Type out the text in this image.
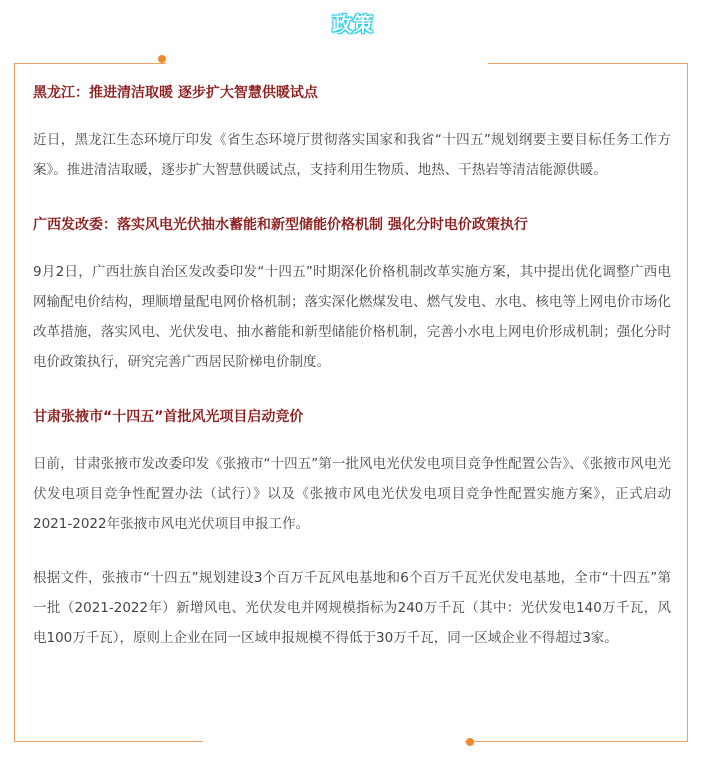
政策

黑龙江：推进清洁取暖 逐步扩大智慧供暖试点

近日，黑龙江生态环境厅印发《省生态环境厅贯彻落实国家和我省“十四五”规划纲要主要目标任务工作方案》。推进清洁取暖，逐步扩大智慧供暖试点，支持利用生物质、地热、干热岩等清洁能源供暖。

广西发改委：落实风电光伏抽水蓄能和新型储能价格机制 强化分时电价政策执行

9月2日，广西壮族自治区发改委印发“十四五”时期深化价格机制改革实施方案，其中提出优化调整广西电网输配电价结构，理顺增量配电网价格机制；落实深化燃煤发电、燃气发电、水电、核电等上网电价市场化改革措施，落实风电、光伏发电、抽水蓄能和新型储能价格机制，完善小水电上网电价形成机制；强化分时电价政策执行，研究完善广西居民阶梯电价制度。

甘肃张掖市“十四五”首批风光项目启动竞价

日前，甘肃张掖市发改委印发《张掖市“十四五”第一批风电光伏发电项目竞争性配置公告》、《张掖市风电光伏发电项目竞争性配置办法（试行）》以及《张掖市风电光伏发电项目竞争性配置实施方案》，正式启动2021-2022年张掖市风电光伏项目申报工作。

根据文件，张掖市“十四五”规划建设3个百万千瓦风电基地和6个百万千瓦光伏发电基地，全市“十四五”第一批（2021-2022年）新增风电、光伏发电并网规模指标为240万千瓦（其中：光伏发电140万千瓦，风电100万千瓦），原则上企业在同一区域申报规模不得低于30万千瓦，同一区域企业不得超过3家。
